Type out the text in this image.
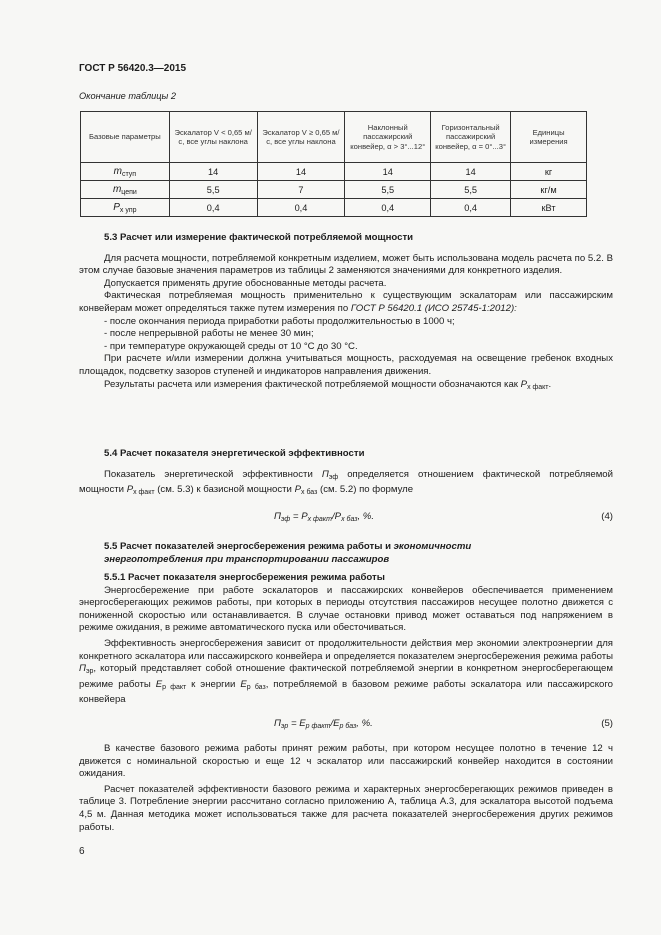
ГОСТ Р 56420.3—2015
Окончание таблицы 2
Базовые параметры	Эскалатор V < 0,65 м/с, все углы наклона	Эскалатор V ≥ 0,65 м/с, все углы наклона	Наклонный пассажирский конвейер, α > 3°...12°	Горизонтальный пассажирский конвейер, α = 0°...3°	Единицы измерения
$m_{ступ}$	14	14	14	14	кг
$m_{цепи}$	5,5	7	5,5	5,5	кг/м
$P_{x упр}$	0,4	0,4	0,4	0,4	кВт

5.3 Расчет или измерение фактической потребляемой мощности

Для расчета мощности, потребляемой конкретным изделием, может быть использована модель расчета по 5.2. В этом случае базовые значения параметров из таблицы 2 заменяются значениями для конкретного изделия.

Допускается применять другие обоснованные методы расчета.

Фактическая потребляемая мощность применительно к существующим эскалаторам или пассажирским конвейерам может определяться также путем измерения по ГОСТ Р 56420.1 (ИСО 25745-1:2012):

- после окончания периода приработки работы продолжительностью в 1000 ч;

- после непрерывной работы не менее 30 мин;

- при температуре окружающей среды от 10 °С до 30 °С.

При расчете и/или измерении должна учитываться мощность, расходуемая на освещение гребенок входных площадок, подсветку зазоров ступеней и индикаторов направления движения.

Результаты расчета или измерения фактической потребляемой мощности обозначаются как $P_{x факт}$.

5.4 Расчет показателя энергетической эффективности

Показатель энергетической эффективности $П_{эф}$ определяется отношением фактической потребляемой мощности $P_{x факт}$ (см. 5.3) к базисной мощности $P_{x баз}$ (см. 5.2) по формуле

$П_{эф} = P_{x факт}/P_{x баз}$, %.	(4)

5.5 Расчет показателей энергосбережения режима работы и экономичности

энергопотребления при транспортировании пассажиров

5.5.1 Расчет показателя энергосбережения режима работы

Энергосбережение при работе эскалаторов и пассажирских конвейеров обеспечивается применением энергосберегающих режимов работы, при которых в периоды отсутствия пассажиров несущее полотно движется с пониженной скоростью или останавливается. В случае остановки привод может оставаться под напряжением в режиме ожидания, в режиме автоматического пуска или обесточиваться.

Эффективность энергосбережения зависит от продолжительности действия мер экономии электроэнергии для конкретного эскалатора или пассажирского конвейера и определяется показателем энергосбережения режима работы $П_{эр}$, который представляет собой отношение фактической потребляемой энергии в конкретном энергосберегающем режиме работы $E_{р факт}$ к энергии $E_{р баз}$, потребляемой в базовом режиме работы эскалатора или пассажирского конвейера

$П_{эр} = E_{р факт}/E_{р баз}$, %.	(5)

В качестве базового режима работы принят режим работы, при котором несущее полотно в течение 12 ч движется с номинальной скоростью и еще 12 ч эскалатор или пассажирский конвейер находится в состоянии ожидания.

Расчет показателей эффективности базового режима и характерных энергосберегающих режимов приведен в таблице 3. Потребление энергии рассчитано согласно приложению А, таблица А.3, для эскалатора высотой подъема 4,5 м. Данная методика может использоваться также для расчета показателей энергосбережения других режимов работы.

6
